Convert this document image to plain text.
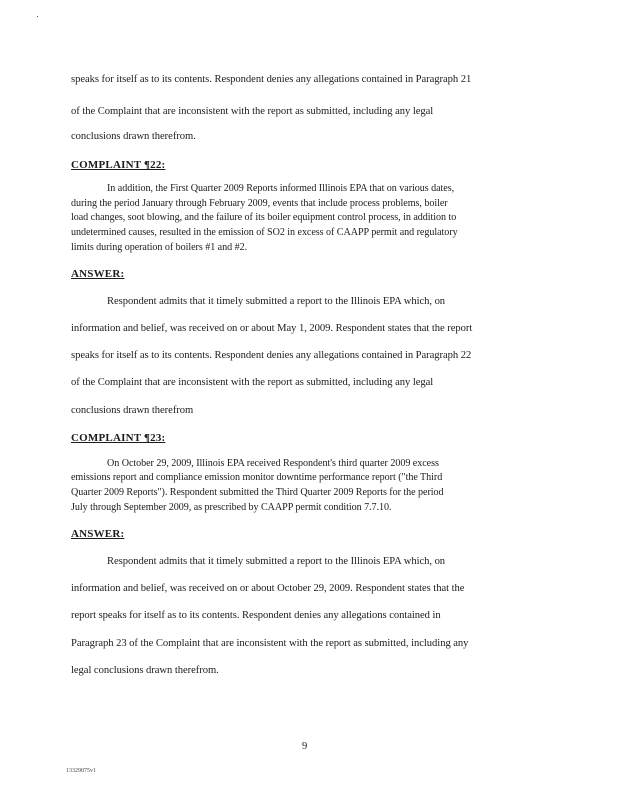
speaks for itself as to its contents. Respondent denies any allegations contained in Paragraph 21
of the Complaint that are inconsistent with the report as submitted, including any legal
conclusions drawn therefrom.
COMPLAINT ¶22:
In addition, the First Quarter 2009 Reports informed Illinois EPA that on various dates,
during the period January through February 2009, events that include process problems, boiler
load changes, soot blowing, and the failure of its boiler equipment control process, in addition to
undetermined causes, resulted in the emission of SO2 in excess of CAAPP permit and regulatory
limits during operation of boilers #1 and #2.
ANSWER:
Respondent admits that it timely submitted a report to the Illinois EPA which, on
information and belief, was received on or about May 1, 2009. Respondent states that the report
speaks for itself as to its contents. Respondent denies any allegations contained in Paragraph 22
of the Complaint that are inconsistent with the report as submitted, including any legal
conclusions drawn therefrom
COMPLAINT ¶23:
On October 29, 2009, Illinois EPA received Respondent's third quarter 2009 excess
emissions report and compliance emission monitor downtime performance report ("the Third
Quarter 2009 Reports"). Respondent submitted the Third Quarter 2009 Reports for the period
July through September 2009, as prescribed by CAAPP permit condition 7.7.10.
ANSWER:
Respondent admits that it timely submitted a report to the Illinois EPA which, on
information and belief, was received on or about October 29, 2009. Respondent states that the
report speaks for itself as to its contents. Respondent denies any allegations contained in
Paragraph 23 of the Complaint that are inconsistent with the report as submitted, including any
legal conclusions drawn therefrom.
9
13329075v1
